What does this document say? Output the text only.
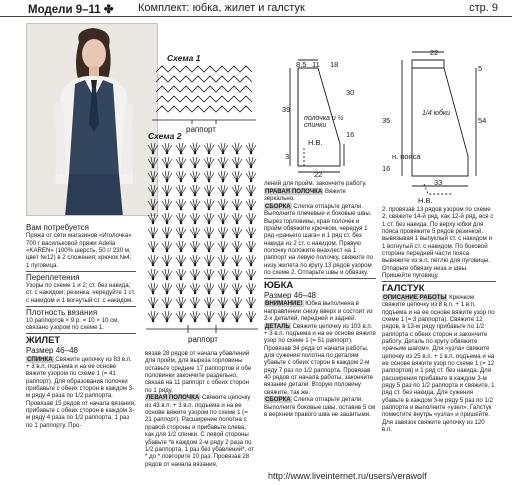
Модели 9–11 ✤ Комплект: юбка, жилет и галстук	стр. 9
Схема 1
раппорт
Схема 2
раппорт
Вам потребуется

Пряжа от сети магазинов «Иголочка» 700 г васильковой пряжи Adelia «KAREN» (100% шерсть, 50 г/ 230 м, цвет №12) в 2 сложения; крючок №4; 1 пуговица.

Переплетения

Узоры по схеме 1 и 2; ст. без накида; ст. с накидом; резинка: чередуйте 1 ст. с накидом и 1 вогнутый ст. с накидом.

Плотность вязания

10 раппортов × 9 р. = 10 × 10 см, связано узором по схеме 1.

ЖИЛЕТ
Размер 46–48

СПИНКА Свяжите цепочку из 83 в.п. + 3 в.п. подъема и на ее основе вяжите узором по схеме 1 (= 41 раппорт). Для образования полочки прибавьте с обеих сторон в каждом 3-м ряду 4 раза по 1/2 раппорта. Провязав 15 рядов от начала вязания, прибавьте с обеих сторон в каждом 3-м ряду 4 раза по 1/2 раппорта, 1 раз по 1 раппорту. Про-

вязав 28 рядов от начала убавлений для пройм, для выреза горловины оставьте средние 17 раппортов и обе половинки закончите раздельно, связав на 11 раппорт с обеих сторон по 1 ряду.

ЛЕВАЯ ПОЛОЧКА Свяжите цепочку из 43 в.п. + 3 в.п. подъема и на ее основе вяжите узором по схеме 1 (= 21 раппорт). Расширение полотна с правой стороны и прибавьте слева, как для 1/2 спинки. С левой стороны убавьте *в каждом 2-м ряду 2 раза по 1/2 раппорта, 1 раз без убавлений*, от * до * повторите 10 раз. Провязав 28 рядов от начала вязания,

8,5 11 18
39
30
16
3
Н.В.
22
полочка и ½ спинки
22
5
35	54
16
33
1/4 юбки
н. пояса
Н.В.

лений для пройм, закончите работу.

ПРАВАЯ ПОЛОЧКА Вяжите зеркально.

СБОРКА Слегка отпарьте детали. Выполните плечевые и боковые швы. Вырез горловины, края полочек и пройм обвяжите крючком, чередуя 1 ряд «рачьего шага» и 1 ряд ст. без накида из 2 ст. с накидом. Правую полочку положите внахлест на 1 раппорт на левую полочку, свяжите по низу жилета по кругу 13 рядов узором по схеме 2. Отпарьте швы и обвязку.

ЮБКА
Размер 46–48

ВНИМАНИЕ! Юбка выполнена в направлении снизу вверх и состоит из 2-х деталей, передней и задней.

ДЕТАЛЬ Свяжите цепочку из 103 в.п. + 3 в.п. подъема и на ее основе вяжите узор по схеме 1 (= 51 раппорт). Провязав 34 ряда от начала работы, для сужения полотна по деталям убавьте с обеих сторон в каждом 2-м ряду 7 раз по 1/2 раппорта. Провязав 40 рядов от начала работы, закончите вязание детали. Вторую половину свяжите, так же.

СБОРКА Слегка отпарьте детали. Выполните боковые швы, оставив 5 см в верхнем правого шва не зашитыми.

2. провязав 13 рядов узором по схеме 2, свяжите 14-й ряд, как 12-й ряд, вся с 1 ст. без накида. По верху юбки для пояса провяжите 5 рядов резинкой, вывязывая 1 выпуклый ст. с накидом и 1 вогнутый ст. с накидом. По боковой стороне передней части пояса вывяжите из в.п. петлю для пуговицы. Отпарьте обвязку низа и швы. Пришейте пуговицу.

ГАЛСТУК

ОПИСАНИЕ РАБОТЫ Крючком свяжите цепочку из 8 в.п. + 1 в.п. подъема и на ее основе вяжите узор по схеме 1 (= 3 раппорта). Свяжите 12 рядов, в 13-м ряду прибавьте по 1/2 раппорта с обеих сторон и закончите работу. Деталь по кругу обвяжите «рачьим шагом». Для «узла» свяжите цепочку из 25 в.п. + 1 в.п. подъема и на ее основе вяжите узор по схеме 1 (= 12 раппортов) и 1 ряд ст. без накида. Для расширения прибавьте в каждом 3-м ряду 5 раз по 1/2 раппорта и свяжите, 1 ряд ст. без накида. Для сужения убавьте в каждом 3-м ряду 5 раз по 1/2 раппорта и выполните «узел». Галстук поместите внутрь «узла» и пришейте. Для завязок свяжите цепочку из 120 в.п.

http://www.liveinternet.ru/users/verawolf
